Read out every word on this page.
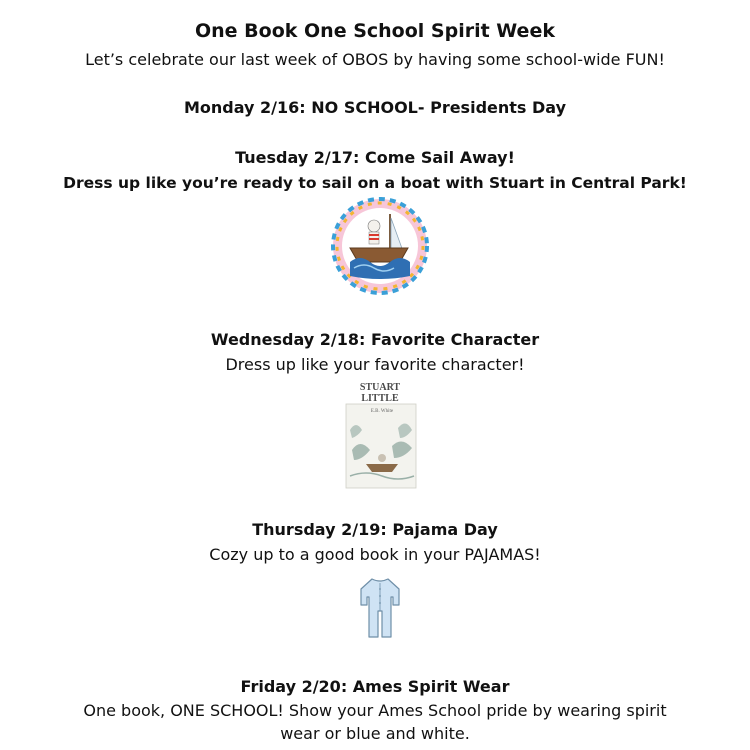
One Book One School Spirit Week
Let’s celebrate our last week of OBOS by having some school-wide FUN!
Monday 2/16: NO SCHOOL- Presidents Day
Tuesday 2/17: Come Sail Away!
Dress up like you’re ready to sail on a boat with Stuart in Central Park!
Wednesday 2/18: Favorite Character
Dress up like your favorite character!
STUART
LITTLE
E.B. White
Thursday 2/19: Pajama Day
Cozy up to a good book in your PAJAMAS!
Friday 2/20: Ames Spirit Wear
One book, ONE SCHOOL! Show your Ames School pride by wearing spirit
wear or blue and white.
